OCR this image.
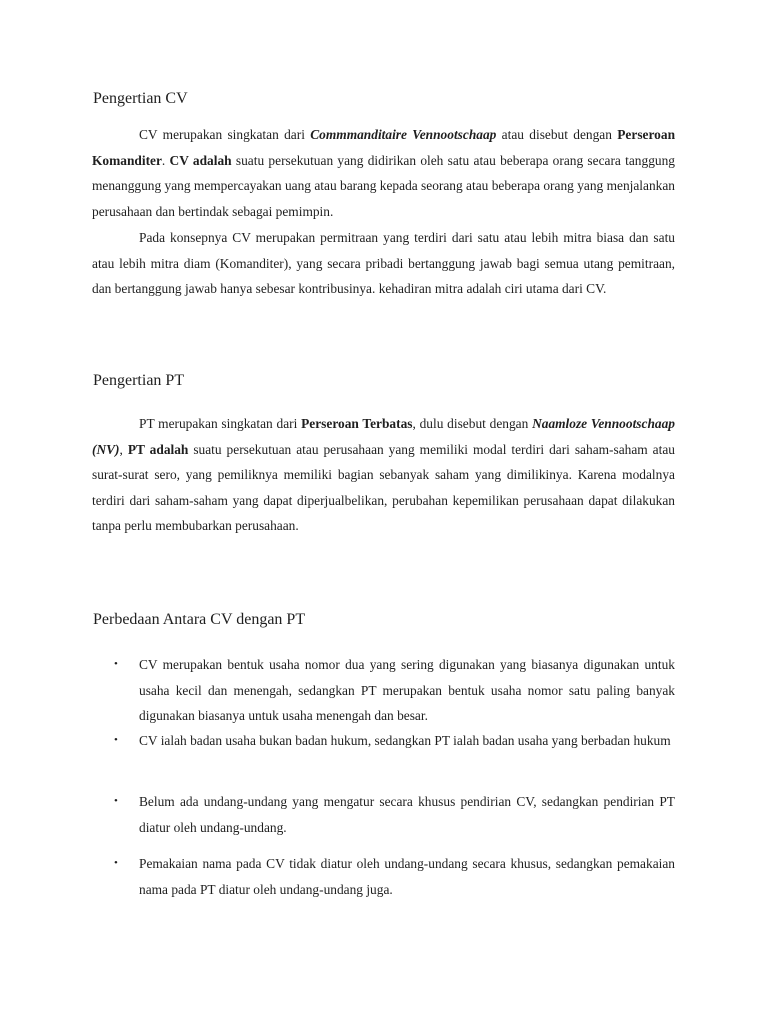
Pengertian CV

CV merupakan singkatan dari Commmanditaire Vennootschaap atau disebut dengan Perseroan Komanditer. CV adalah suatu persekutuan yang didirikan oleh satu atau beberapa orang secara tanggung menanggung yang mempercayakan uang atau barang kepada seorang atau beberapa orang yang menjalankan perusahaan dan bertindak sebagai pemimpin.

Pada konsepnya CV merupakan permitraan yang terdiri dari satu atau lebih mitra biasa dan satu atau lebih mitra diam (Komanditer), yang secara pribadi bertanggung jawab bagi semua utang pemitraan, dan bertanggung jawab hanya sebesar kontribusinya. kehadiran mitra adalah ciri utama dari CV.

Pengertian PT

PT merupakan singkatan dari Perseroan Terbatas, dulu disebut dengan Naamloze Vennootschaap (NV), PT adalah suatu persekutuan atau perusahaan yang memiliki modal terdiri dari saham-saham atau surat-surat sero, yang pemiliknya memiliki bagian sebanyak saham yang dimilikinya. Karena modalnya terdiri dari saham-saham yang dapat diperjualbelikan, perubahan kepemilikan perusahaan dapat dilakukan tanpa perlu membubarkan perusahaan.

Perbedaan Antara CV dengan PT
• CV merupakan bentuk usaha nomor dua yang sering digunakan yang biasanya digunakan untuk usaha kecil dan menengah, sedangkan PT merupakan bentuk usaha nomor satu paling banyak digunakan biasanya untuk usaha menengah dan besar.

• CV ialah badan usaha bukan badan hukum, sedangkan PT ialah badan usaha yang berbadan hukum

• Belum ada undang-undang yang mengatur secara khusus pendirian CV, sedangkan pendirian PT diatur oleh undang-undang.

• Pemakaian nama pada CV tidak diatur oleh undang-undang secara khusus, sedangkan pemakaian nama pada PT diatur oleh undang-undang juga.
